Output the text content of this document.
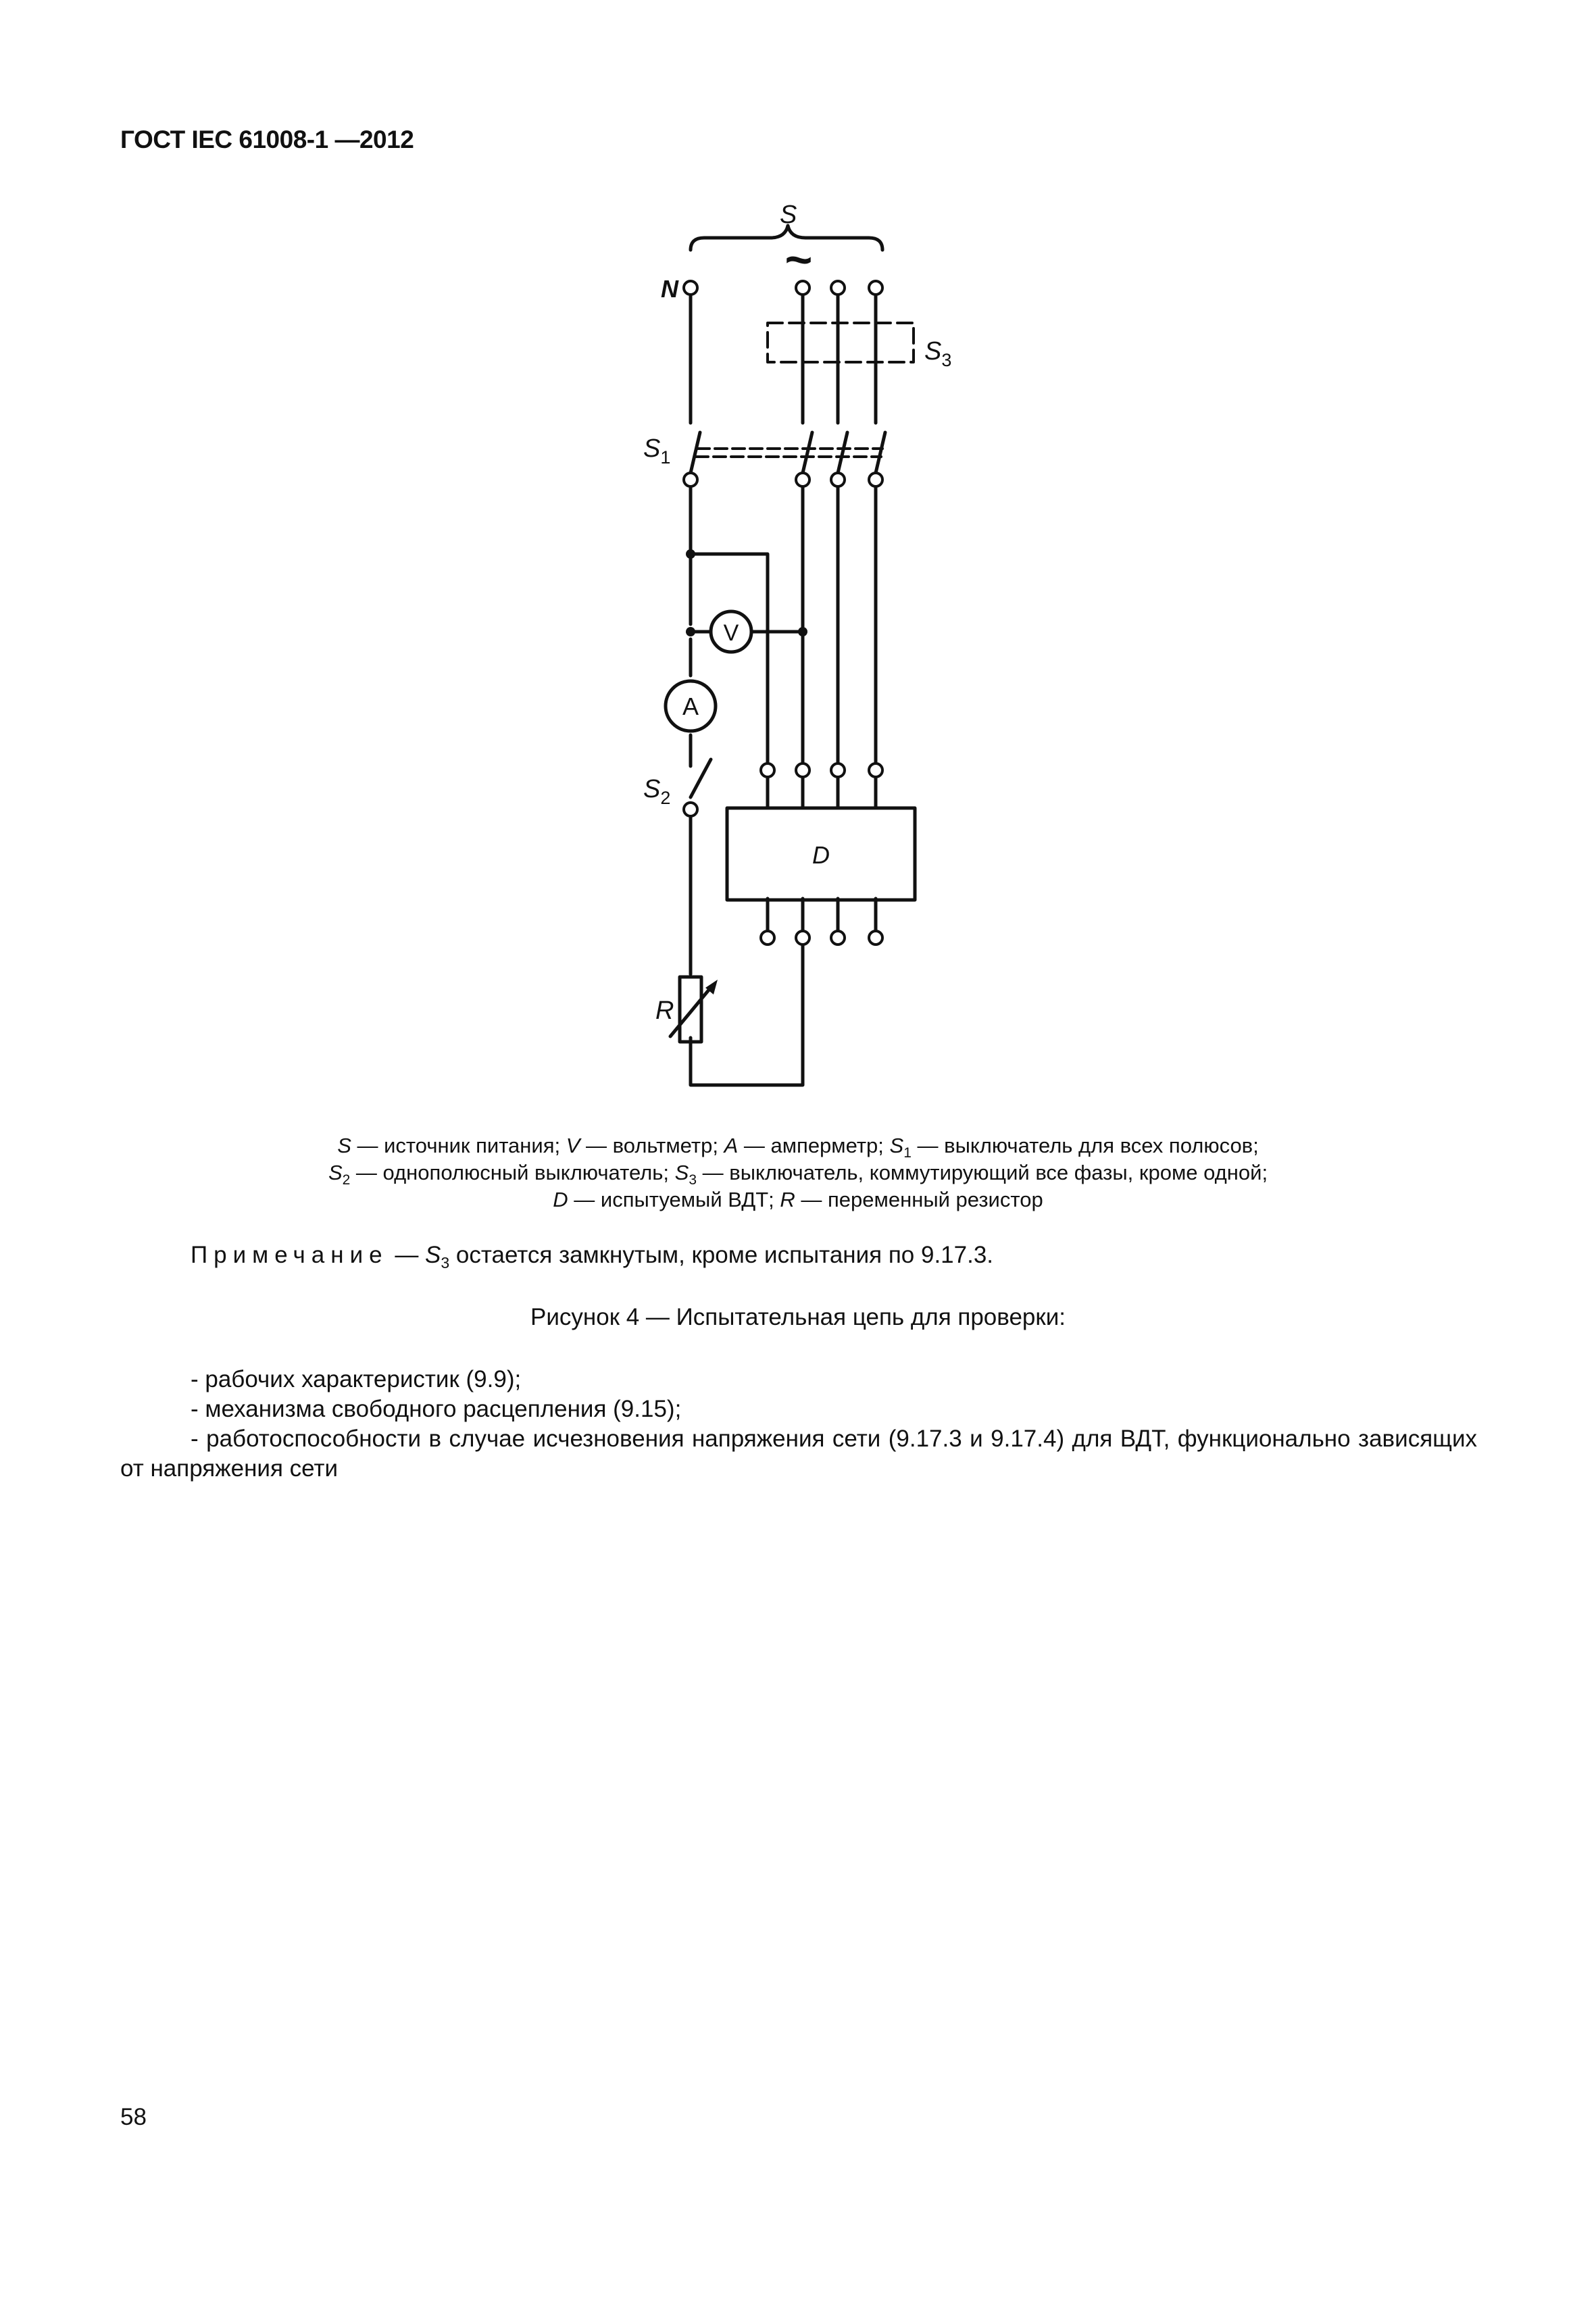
ГОСТ IEC 61008-1 —2012
S
~
N
$S_3$
$S_1$
$S_2$
V
A
D
R
S — источник питания; V — вольтметр; A — амперметр; $S_1$ — выключатель для всех полюсов;
$S_2$ — однополюсный выключатель; $S_3$ — выключатель, коммутирующий все фазы, кроме одной;
D — испытуемый ВДТ; R — переменный резистор
Примечание — $S_3$ остается замкнутым, кроме испытания по 9.17.3.
Рисунок 4 — Испытательная цепь для проверки:
- рабочих характеристик (9.9);
- механизма свободного расцепления (9.15);
- работоспособности в случае исчезновения напряжения сети (9.17.3 и 9.17.4) для ВДТ, функционально зависящих от напряжения сети
58
